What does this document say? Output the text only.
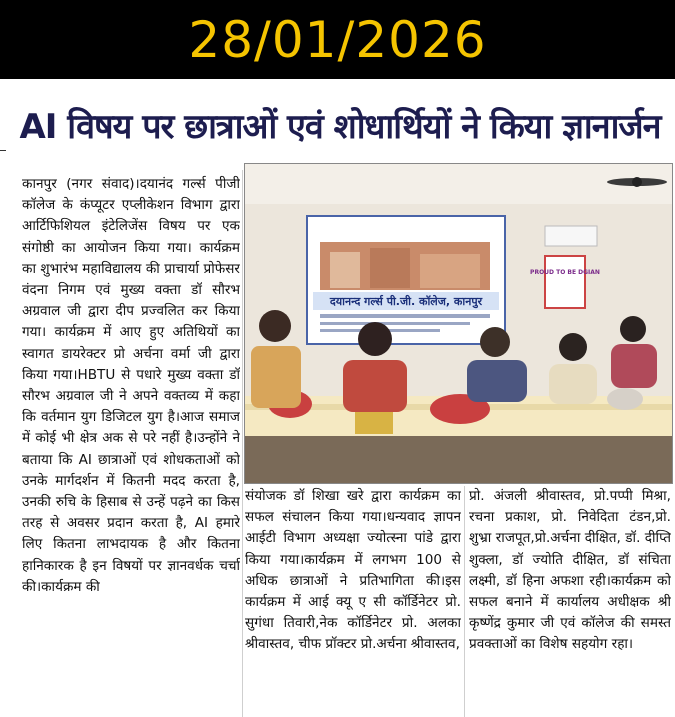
28/01/2026
AI विषय पर छात्राओं एवं शोधार्थियों ने किया ज्ञानार्जन

कानपुर (नगर संवाद)।दयानंद गर्ल्स पीजी कॉलेज के कंप्यूटर एप्लीकेशन विभाग द्वारा आर्टिफिशियल इंटेलिजेंस विषय पर एक संगोष्ठी का आयोजन किया गया। कार्यक्रम का शुभारंभ महाविद्यालय की प्राचार्या प्रोफेसर वंदना निगम एवं मुख्य वक्ता डॉ सौरभ अग्रवाल जी द्वारा दीप प्रज्वलित कर किया गया। कार्यक्रम में आए हुए अतिथियों का स्वागत डायरेक्टर प्रो अर्चना वर्मा जी द्वारा किया गया।HBTU से पधारे मुख्य वक्ता डॉ सौरभ अग्रवाल जी ने अपने वक्तव्य में कहा कि वर्तमान युग डिजिटल युग है।आज समाज में कोई भी क्षेत्र अक से परे नहीं है।उन्होंने ने बताया कि AI छात्राओं एवं शोधकताओं को उनके मार्गदर्शन में कितनी मदद करता है, उनकी रुचि के हिसाब से उन्हें पढ़ने का किस तरह से अवसर प्रदान करता है, AI हमारे लिए कितना लाभदायक है और कितना हानिकारक है इन विषयों पर ज्ञानवर्धक चर्चा की।कार्यक्रम की

दयानन्द गर्ल्स पी.जी. कॉलेज, कानपुर
PROUD TO BE DGIAN

संयोजक डॉ शिखा खरे द्वारा कार्यक्रम का सफल संचालन किया गया।धन्यवाद ज्ञापन आईटी विभाग अध्यक्षा ज्योत्स्ना पांडे द्वारा किया गया।कार्यक्रम में लगभग 100 से अधिक छात्राओं ने प्रतिभागिता की।इस कार्यक्रम में आई क्यू ए सी कॉर्डिनेटर प्रो. सुगंधा तिवारी,नेक कॉर्डिनेटर प्रो. अलका श्रीवास्तव, चीफ प्रॉक्टर प्रो.अर्चना श्रीवास्तव,

प्रो. अंजली श्रीवास्तव, प्रो.पप्पी मिश्रा, रचना प्रकाश, प्रो. निवेदिता टंडन,प्रो. शुभ्रा राजपूत,प्रो.अर्चना दीक्षित, डॉ. दीप्ति शुक्ला, डॉ ज्योति दीक्षित, डॉ संचिता लक्ष्मी, डॉ हिना अफशा रही।कार्यक्रम को सफल बनाने में कार्यालय अधीक्षक श्री कृष्णेंद्र कुमार जी एवं कॉलेज की समस्त प्रवक्ताओं का विशेष सहयोग रहा।
